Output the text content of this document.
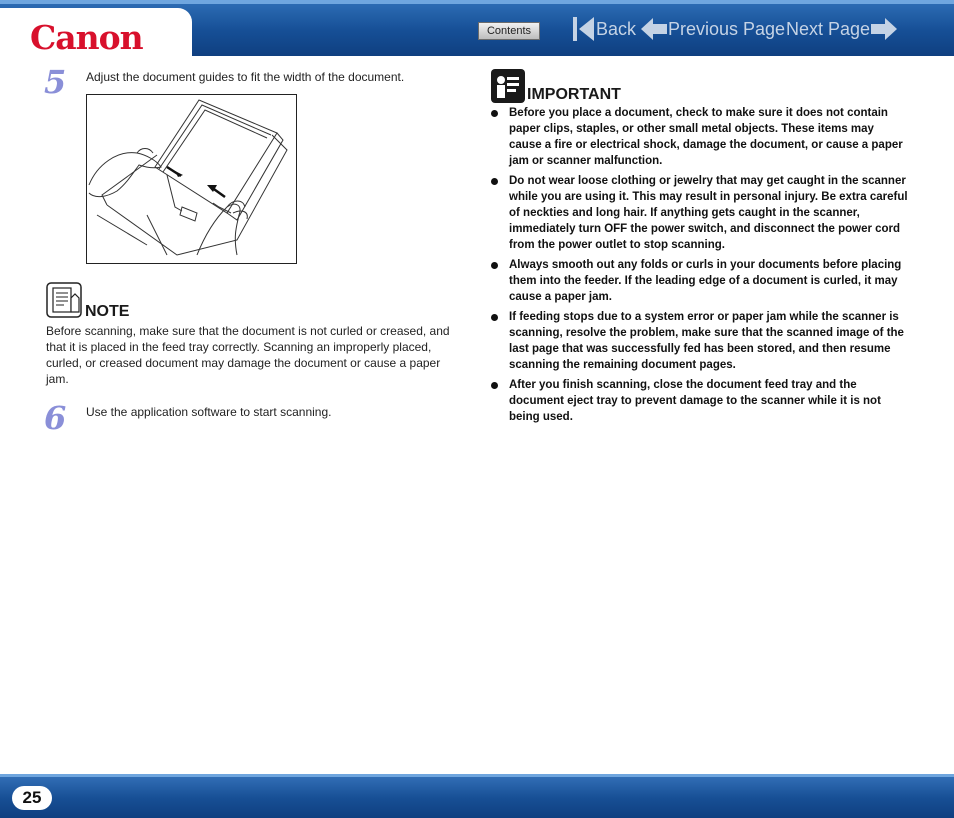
Canon	Contents	Back Previous Page Next Page
5 Adjust the document guides to fit the width of the document.
NOTE
Before scanning, make sure that the document is not curled or creased, and that it is placed in the feed tray correctly. Scanning an improperly placed, curled, or creased document may damage the document or cause a paper jam.
6 Use the application software to start scanning.
IMPORTANT
Before you place a document, check to make sure it does not contain paper clips, staples, or other small metal objects. These items may cause a fire or electrical shock, damage the document, or cause a paper jam or scanner malfunction.
Do not wear loose clothing or jewelry that may get caught in the scanner while you are using it. This may result in personal injury. Be extra careful of neckties and long hair. If anything gets caught in the scanner, immediately turn OFF the power switch, and disconnect the power cord from the power outlet to stop scanning.
Always smooth out any folds or curls in your documents before placing them into the feeder. If the leading edge of a document is curled, it may cause a paper jam.
If feeding stops due to a system error or paper jam while the scanner is scanning, resolve the problem, make sure that the scanned image of the last page that was successfully fed has been stored, and then resume scanning the remaining document pages.
After you finish scanning, close the document feed tray and the document eject tray to prevent damage to the scanner while it is not being used.
25
